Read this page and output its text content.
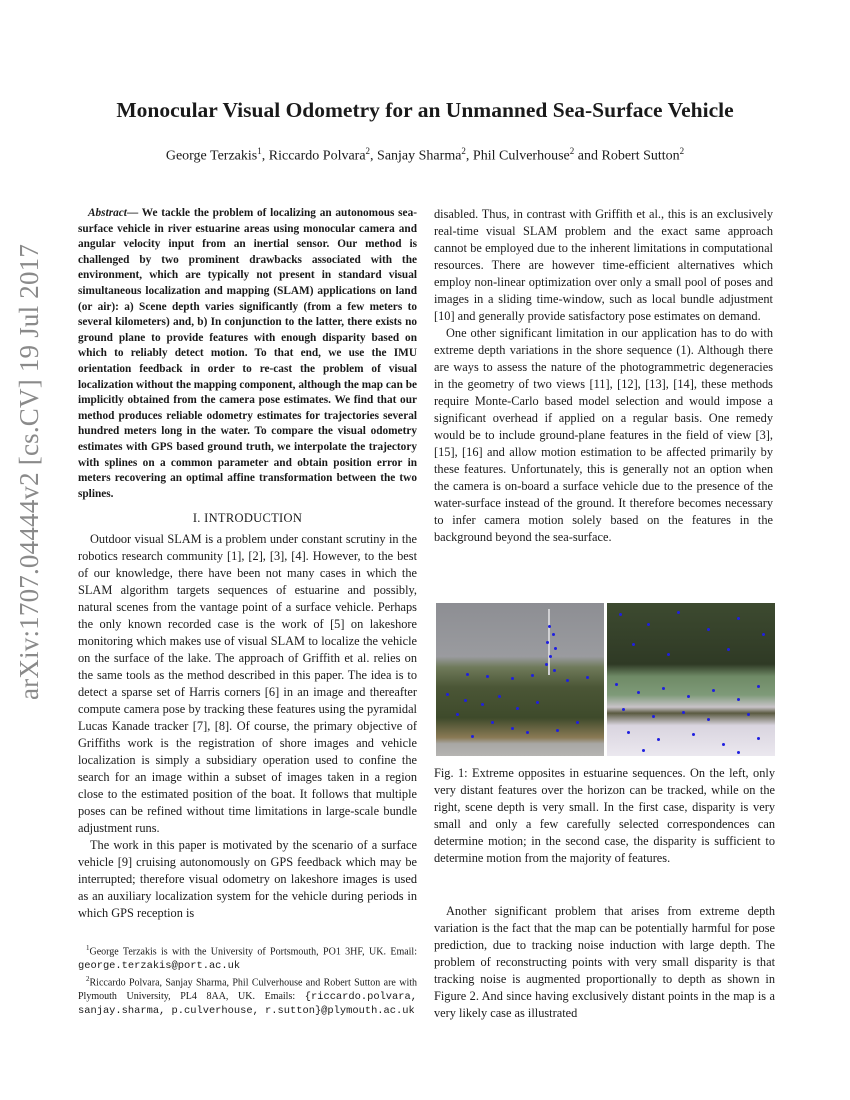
arXiv:1707.04444v2 [cs.CV] 19 Jul 2017
Monocular Visual Odometry for an Unmanned Sea-Surface Vehicle
George Terzakis$^1$, Riccardo Polvara$^2$, Sanjay Sharma$^2$, Phil Culverhouse$^2$ and Robert Sutton$^2$

Abstract— We tackle the problem of localizing an autonomous sea-surface vehicle in river estuarine areas using monocular camera and angular velocity input from an inertial sensor. Our method is challenged by two prominent drawbacks associated with the environment, which are typically not present in standard visual simultaneous localization and mapping (SLAM) applications on land (or air): a) Scene depth varies significantly (from a few meters to several kilometers) and, b) In conjunction to the latter, there exists no ground plane to provide features with enough disparity based on which to reliably detect motion. To that end, we use the IMU orientation feedback in order to re-cast the problem of visual localization without the mapping component, although the map can be implicitly obtained from the camera pose estimates. We find that our method produces reliable odometry estimates for trajectories several hundred meters long in the water. To compare the visual odometry estimates with GPS based ground truth, we interpolate the trajectory with splines on a common parameter and obtain position error in meters recovering an optimal affine transformation between the two splines.

I. INTRODUCTION

Outdoor visual SLAM is a problem under constant scrutiny in the robotics research community [1], [2], [3], [4]. However, to the best of our knowledge, there have been not many cases in which the SLAM algorithm targets sequences of estuarine and possibly, natural scenes from the vantage point of a surface vehicle. Perhaps the only known recorded case is the work of [5] on lakeshore monitoring which makes use of visual SLAM to localize the vehicle on the surface of the lake. The approach of Griffith et al. relies on the same tools as the method described in this paper. The idea is to detect a sparse set of Harris corners [6] in an image and thereafter compute camera pose by tracking these features using the pyramidal Lucas Kanade tracker [7], [8]. Of course, the primary objective of Griffiths work is the registration of shore images and vehicle localization is simply a subsidiary operation used to confine the search for an image within a subset of images taken in a region close to the estimated position of the boat. It follows that multiple poses can be refined without time limitations in large-scale bundle adjustment runs.

The work in this paper is motivated by the scenario of a surface vehicle [9] cruising autonomously on GPS feedback which may be interrupted; therefore visual odometry on lakeshore images is used as an auxiliary localization system for the vehicle during periods in which GPS reception is

$^1$George Terzakis is with the University of Portsmouth, PO1 3HF, UK. Email: george.terzakis@port.ac.uk

$^2$Riccardo Polvara, Sanjay Sharma, Phil Culverhouse and Robert Sutton are with Plymouth University, PL4 8AA, UK. Emails: {riccardo.polvara, sanjay.sharma, p.culverhouse, r.sutton}@plymouth.ac.uk

disabled. Thus, in contrast with Griffith et al., this is an exclusively real-time visual SLAM problem and the exact same approach cannot be employed due to the inherent limitations in computational resources. There are however time-efficient alternatives which employ non-linear optimization over only a small pool of poses and images in a sliding time-window, such as local bundle adjustment [10] and generally provide satisfactory pose estimates on demand.

One other significant limitation in our application has to do with extreme depth variations in the shore sequence (1). Although there are ways to assess the nature of the photogrammetric degeneracies in the geometry of two views [11], [12], [13], [14], these methods require Monte-Carlo based model selection and would impose a significant overhead if applied on a regular basis. One remedy would be to include ground-plane features in the field of view [3], [15], [16] and allow motion estimation to be affected primarily by these features. Unfortunately, this is generally not an option when the camera is on-board a surface vehicle due to the presence of the water-surface instead of the ground. It therefore becomes necessary to infer camera motion solely based on the features in the background beyond the sea-surface.

Fig. 1: Extreme opposites in estuarine sequences. On the left, only very distant features over the horizon can be tracked, while on the right, scene depth is very small. In the first case, disparity is very small and only a few carefully selected correspondences can determine motion; in the second case, the disparity is sufficient to determine motion from the majority of features.

Another significant problem that arises from extreme depth variation is the fact that the map can be potentially harmful for pose prediction, due to tracking noise induction with large depth. The problem of reconstructing points with very small disparity is that tracking noise is augmented proportionally to depth as shown in Figure 2. And since having exclusively distant points in the map is a very likely case as illustrated
